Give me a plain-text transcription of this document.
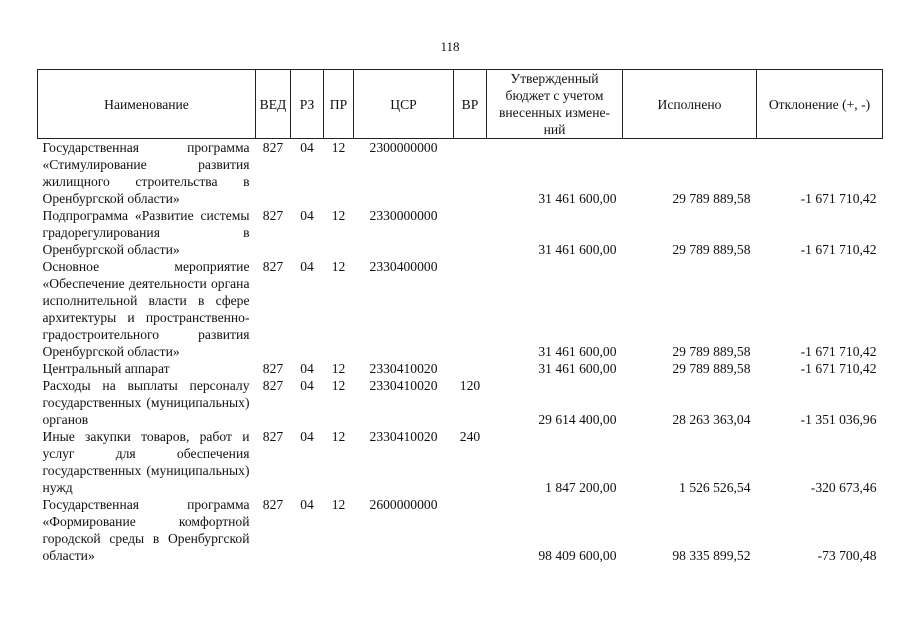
118
Наименование	ВЕД	РЗ	ПР	ЦСР	ВР	Утвержденный бюджет с учетом внесенных измене- ний	Исполнено	Отклонение (+, -)
Государственная программа «Стимулирование развития жилищного строительства в Оренбургской области»	827	04	12	2300000000		31 461 600,00	29 789 889,58	-1 671 710,42
Подпрограмма «Развитие системы градорегулирования в Оренбургской области»	827	04	12	2330000000		31 461 600,00	29 789 889,58	-1 671 710,42
Основное мероприятие «Обеспечение деятельности органа исполнительной власти в сфере архитектуры и пространственно-градостроительного развития Оренбургской области»	827	04	12	2330400000		31 461 600,00	29 789 889,58	-1 671 710,42
Центральный аппарат	827	04	12	2330410020		31 461 600,00	29 789 889,58	-1 671 710,42
Расходы на выплаты персоналу государственных (муниципальных) органов	827	04	12	2330410020	120	29 614 400,00	28 263 363,04	-1 351 036,96
Иные закупки товаров, работ и услуг для обеспечения государственных (муниципальных) нужд	827	04	12	2330410020	240	1 847 200,00	1 526 526,54	-320 673,46
Государственная программа «Формирование комфортной городской среды в Оренбургской области»	827	04	12	2600000000		98 409 600,00	98 335 899,52	-73 700,48
